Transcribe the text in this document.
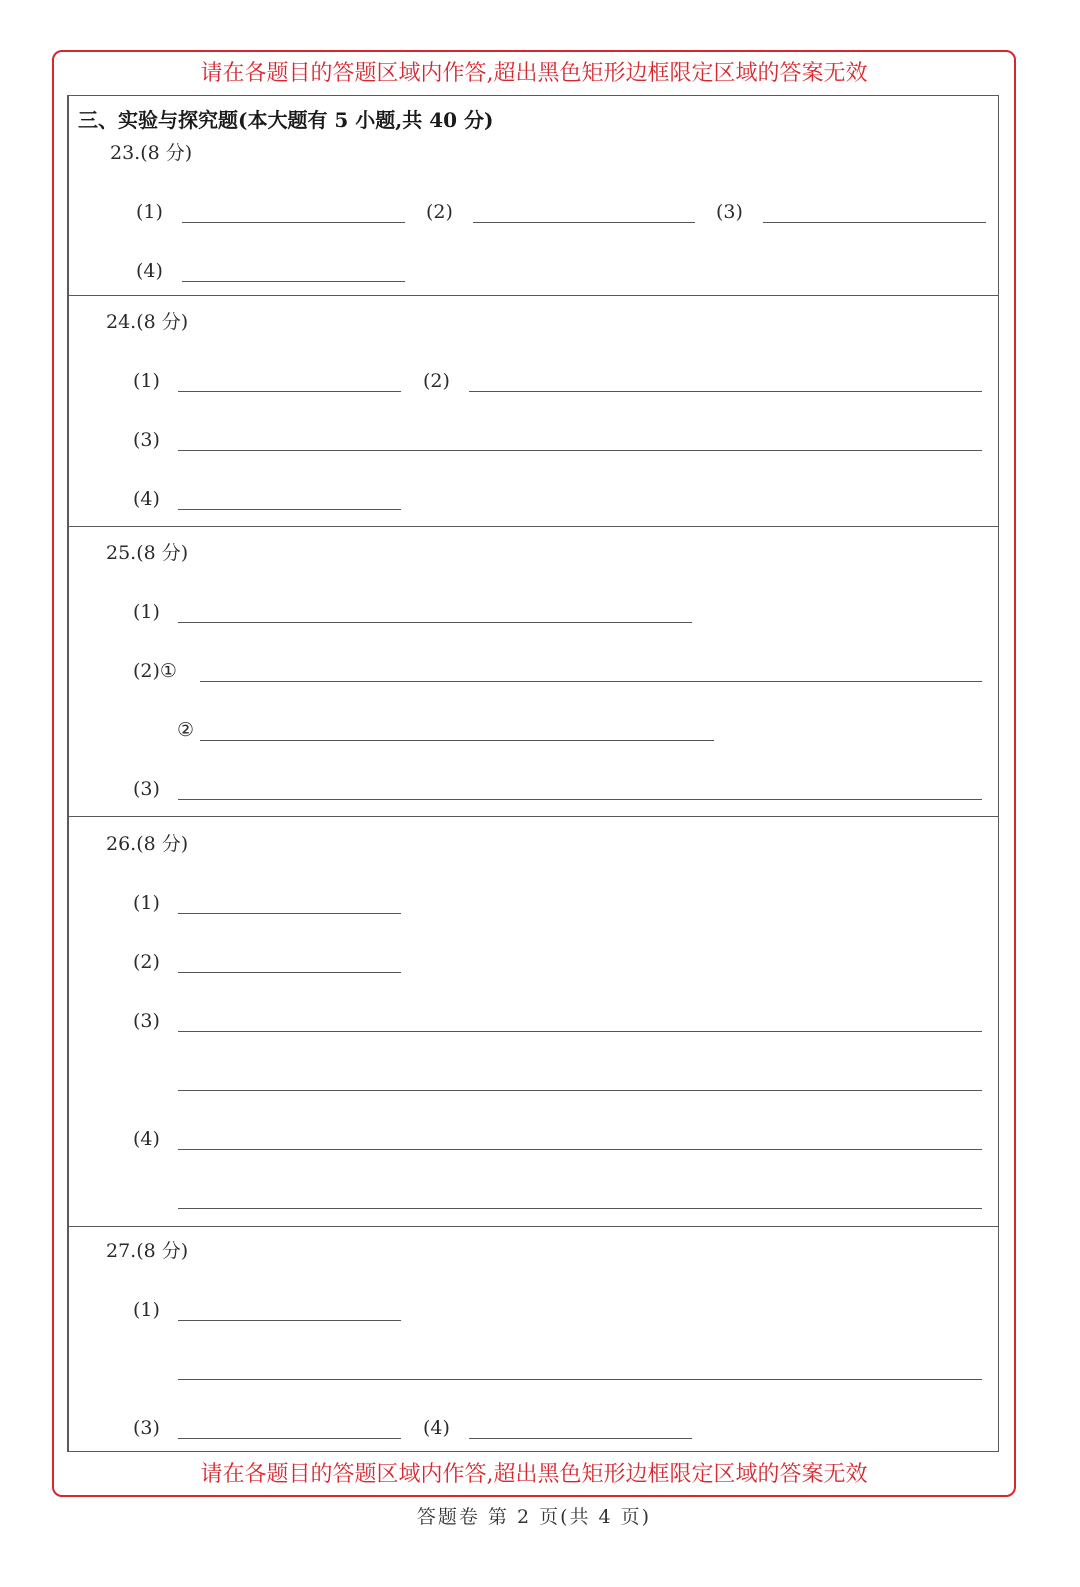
请在各题目的答题区域内作答,超出黑色矩形边框限定区域的答案无效
三、实验与探究题(本大题有 5 小题,共 40 分)
23.(8 分)
(1)	(2)	(3)
(4)
24.(8 分)
(1)	(2)
(3)
(4)
25.(8 分)
(1)
(2)①
②
(3)
26.(8 分)
(1)
(2)
(3)
(4)
27.(8 分)
(1)
(3)	(4)
请在各题目的答题区域内作答,超出黑色矩形边框限定区域的答案无效
答题卷 第 2 页(共 4 页)
